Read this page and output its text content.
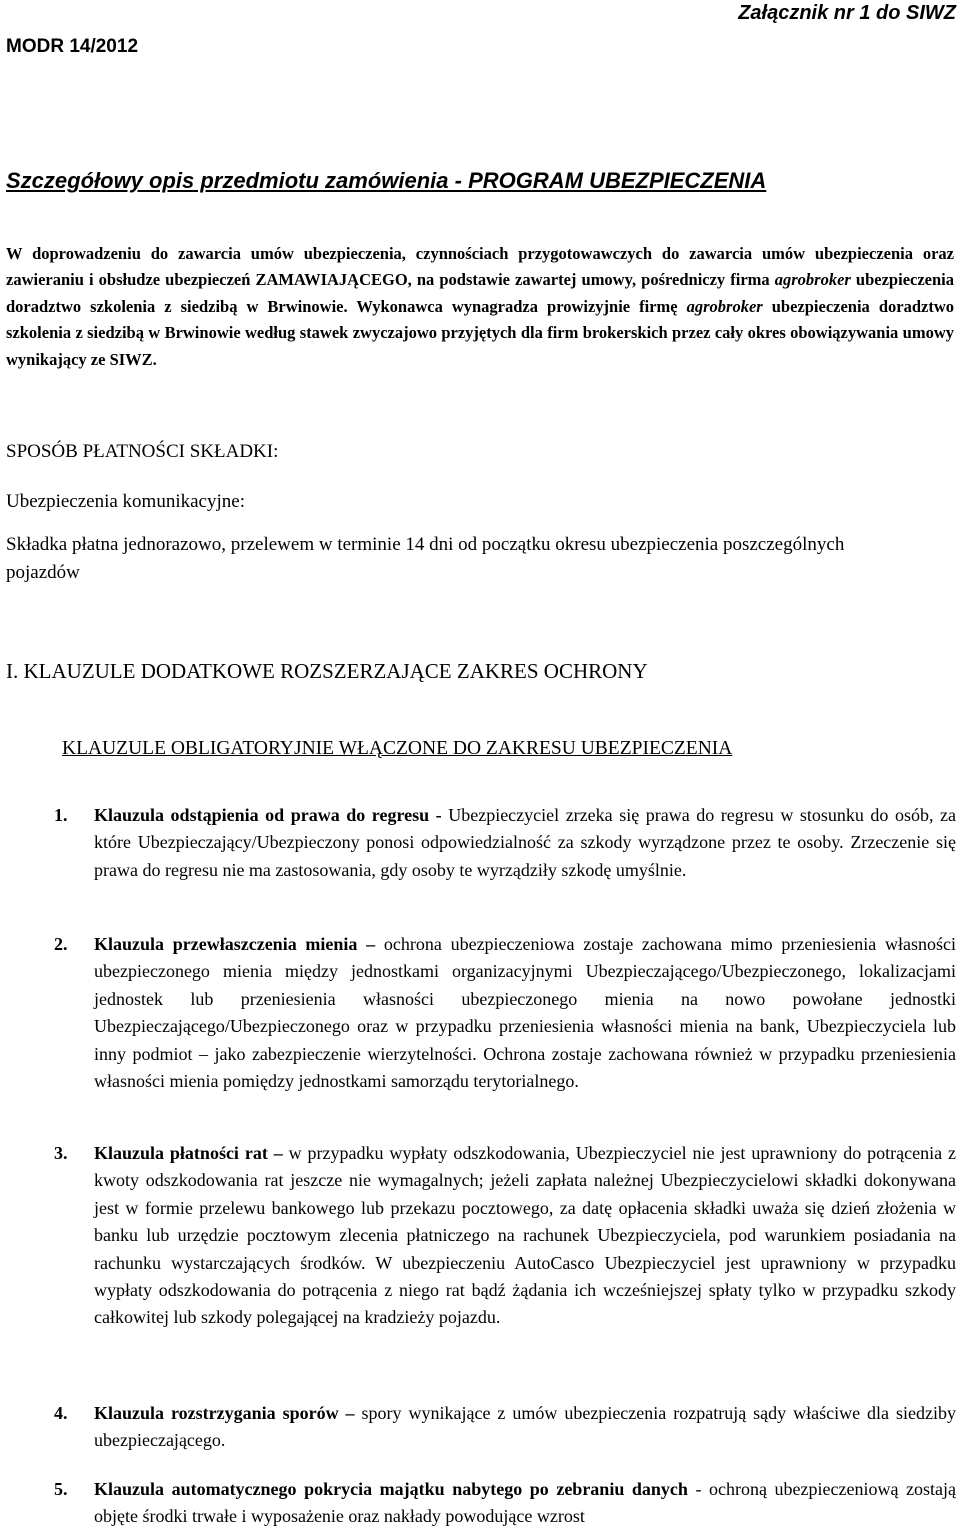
Załącznik nr 1 do SIWZ
MODR 14/2012
Szczegółowy opis przedmiotu zamówienia - PROGRAM UBEZPIECZENIA
W doprowadzeniu do zawarcia umów ubezpieczenia, czynnościach przygotowawczych do zawarcia umów ubezpieczenia oraz zawieraniu i obsłudze ubezpieczeń ZAMAWIAJĄCEGO, na podstawie zawartej umowy, pośredniczy firma agrobroker ubezpieczenia doradztwo szkolenia z siedzibą w Brwinowie. Wykonawca wynagradza prowizyjnie firmę agrobroker ubezpieczenia doradztwo szkolenia z siedzibą w Brwinowie według stawek zwyczajowo przyjętych dla firm brokerskich przez cały okres obowiązywania umowy wynikający ze SIWZ.
SPOSÓB PŁATNOŚCI SKŁADKI:
Ubezpieczenia komunikacyjne:
Składka płatna jednorazowo, przelewem w terminie 14 dni od początku okresu ubezpieczenia poszczególnych pojazdów
I. KLAUZULE DODATKOWE ROZSZERZAJĄCE ZAKRES OCHRONY
KLAUZULE OBLIGATORYJNIE WŁĄCZONE DO ZAKRESU UBEZPIECZENIA
1. Klauzula odstąpienia od prawa do regresu - Ubezpieczyciel zrzeka się prawa do regresu w stosunku do osób, za które Ubezpieczający/Ubezpieczony ponosi odpowiedzialność za szkody wyrządzone przez te osoby. Zrzeczenie się prawa do regresu nie ma zastosowania, gdy osoby te wyrządziły szkodę umyślnie.
2. Klauzula przewłaszczenia mienia – ochrona ubezpieczeniowa zostaje zachowana mimo przeniesienia własności ubezpieczonego mienia między jednostkami organizacyjnymi Ubezpieczającego/Ubezpieczonego, lokalizacjami jednostek lub przeniesienia własności ubezpieczonego mienia na nowo powołane jednostki Ubezpieczającego/Ubezpieczonego oraz w przypadku przeniesienia własności mienia na bank, Ubezpieczyciela lub inny podmiot – jako zabezpieczenie wierzytelności. Ochrona zostaje zachowana również w przypadku przeniesienia własności mienia pomiędzy jednostkami samorządu terytorialnego.
3. Klauzula płatności rat – w przypadku wypłaty odszkodowania, Ubezpieczyciel nie jest uprawniony do potrącenia z kwoty odszkodowania rat jeszcze nie wymagalnych; jeżeli zapłata należnej Ubezpieczycielowi składki dokonywana jest w formie przelewu bankowego lub przekazu pocztowego, za datę opłacenia składki uważa się dzień złożenia w banku lub urzędzie pocztowym zlecenia płatniczego na rachunek Ubezpieczyciela, pod warunkiem posiadania na rachunku wystarczających środków. W ubezpieczeniu AutoCasco Ubezpieczyciel jest uprawniony w przypadku wypłaty odszkodowania do potrącenia z niego rat bądź żądania ich wcześniejszej spłaty tylko w przypadku szkody całkowitej lub szkody polegającej na kradzieży pojazdu.
4. Klauzula rozstrzygania sporów – spory wynikające z umów ubezpieczenia rozpatrują sądy właściwe dla siedziby ubezpieczającego.
5. Klauzula automatycznego pokrycia majątku nabytego po zebraniu danych - ochroną ubezpieczeniową zostają objęte środki trwałe i wyposażenie oraz nakłady powodujące wzrost
